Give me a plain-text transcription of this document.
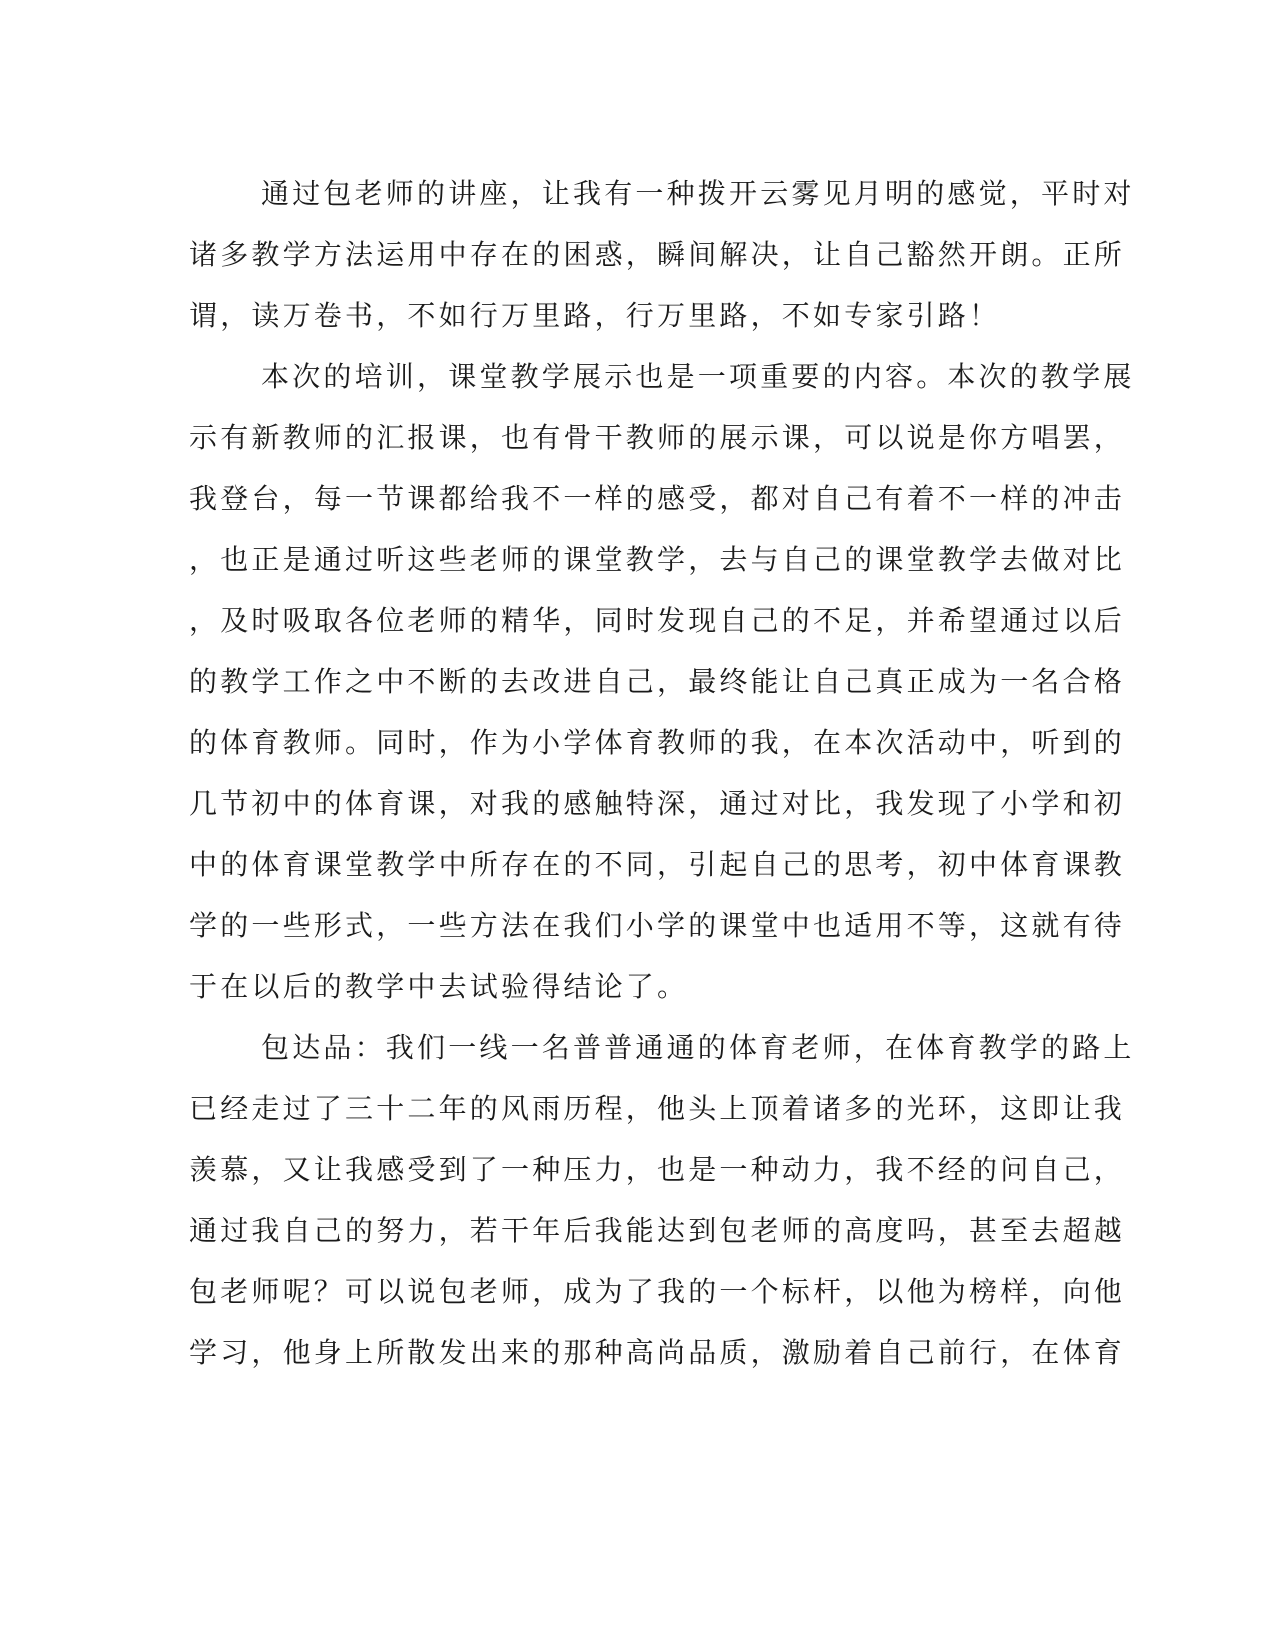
通过包老师的讲座，让我有一种拨开云雾见月明的感觉，平时对
诸多教学方法运用中存在的困惑，瞬间解决，让自己豁然开朗。正所
谓，读万卷书，不如行万里路，行万里路，不如专家引路！
本次的培训，课堂教学展示也是一项重要的内容。本次的教学展
示有新教师的汇报课，也有骨干教师的展示课，可以说是你方唱罢，
我登台，每一节课都给我不一样的感受，都对自己有着不一样的冲击
，也正是通过听这些老师的课堂教学，去与自己的课堂教学去做对比
，及时吸取各位老师的精华，同时发现自己的不足，并希望通过以后
的教学工作之中不断的去改进自己，最终能让自己真正成为一名合格
的体育教师。同时，作为小学体育教师的我，在本次活动中，听到的
几节初中的体育课，对我的感触特深，通过对比，我发现了小学和初
中的体育课堂教学中所存在的不同，引起自己的思考，初中体育课教
学的一些形式，一些方法在我们小学的课堂中也适用不等，这就有待
于在以后的教学中去试验得结论了。
包达品：我们一线一名普普通通的体育老师，在体育教学的路上
已经走过了三十二年的风雨历程，他头上顶着诸多的光环，这即让我
羡慕，又让我感受到了一种压力，也是一种动力，我不经的问自己，
通过我自己的努力，若干年后我能达到包老师的高度吗，甚至去超越
包老师呢？可以说包老师，成为了我的一个标杆，以他为榜样，向他
学习，他身上所散发出来的那种高尚品质，激励着自己前行，在体育
